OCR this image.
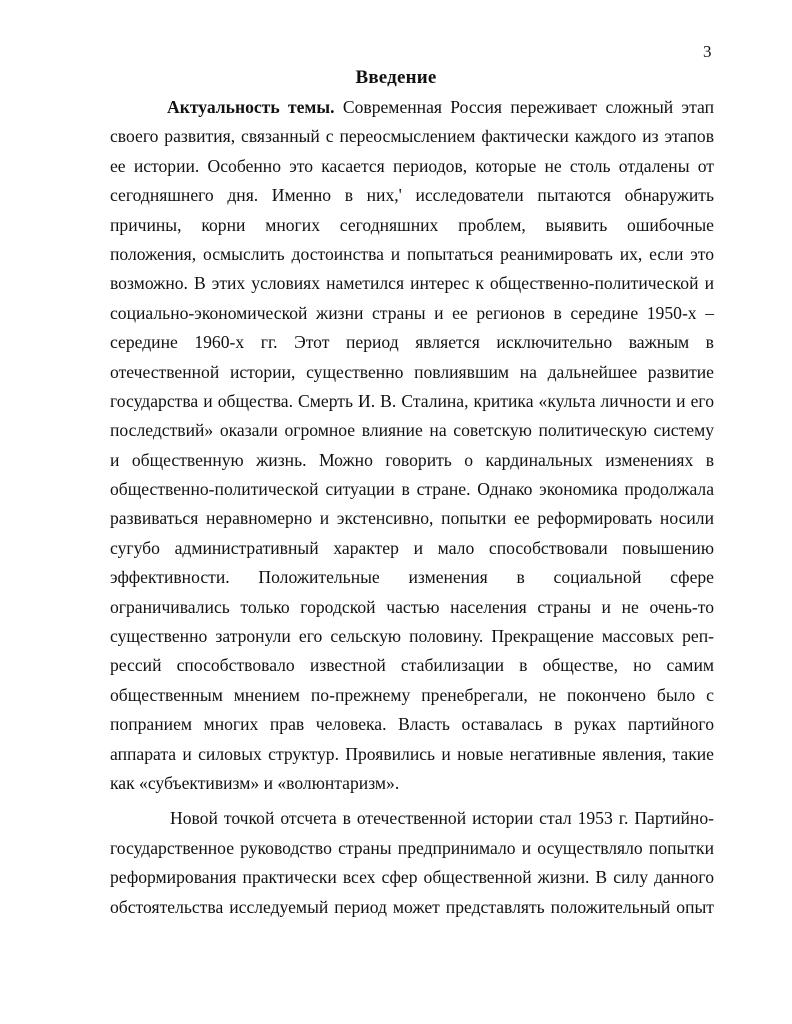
3
Введение
Актуальность темы. Современная Россия переживает сложный этап
своего развития, связанный с переосмыслением фактически каждого из этапов
ее истории. Особенно это касается периодов, которые не столь отдалены от
сегодняшнего дня. Именно в них,' исследователи пытаются обнаружить
причины, корни многих сегодняшних проблем, выявить ошибочные
положения, осмыслить достоинства и попытаться реанимировать их, если это
возможно. В этих условиях наметился интерес к общественно-политической и
социально-экономической жизни страны и ее регионов в середине 1950-х –
середине 1960-х гг. Этот период является исключительно важным в
отечественной истории, существенно повлиявшим на дальнейшее развитие
государства и общества. Смерть И. В. Сталина, критика «культа личности и его
последствий» оказали огромное влияние на советскую политическую систему
и общественную жизнь. Можно говорить о кардинальных изменениях в
общественно-политической ситуации в стране. Однако экономика продолжала
развиваться неравномерно и экстенсивно, попытки ее реформировать носили
сугубо административный характер и мало способствовали повышению
эффективности. Положительные изменения в социальной сфере
ограничивались только городской частью населения страны и не очень-то
существенно затронули его сельскую половину. Прекращение массовых реп-
рессий способствовало известной стабилизации в обществе, но самим
общественным мнением по-прежнему пренебрегали, не покончено было с
попранием многих прав человека. Власть оставалась в руках партийного
аппарата и силовых структур. Проявились и новые негативные явления, такие
как «субъективизм» и «волюнтаризм».
Новой точкой отсчета в отечественной истории стал 1953 г. Партийно-
государственное руководство страны предпринимало и осуществляло попытки
реформирования практически всех сфер общественной жизни. В силу данного
обстоятельства исследуемый период может представлять положительный опыт
